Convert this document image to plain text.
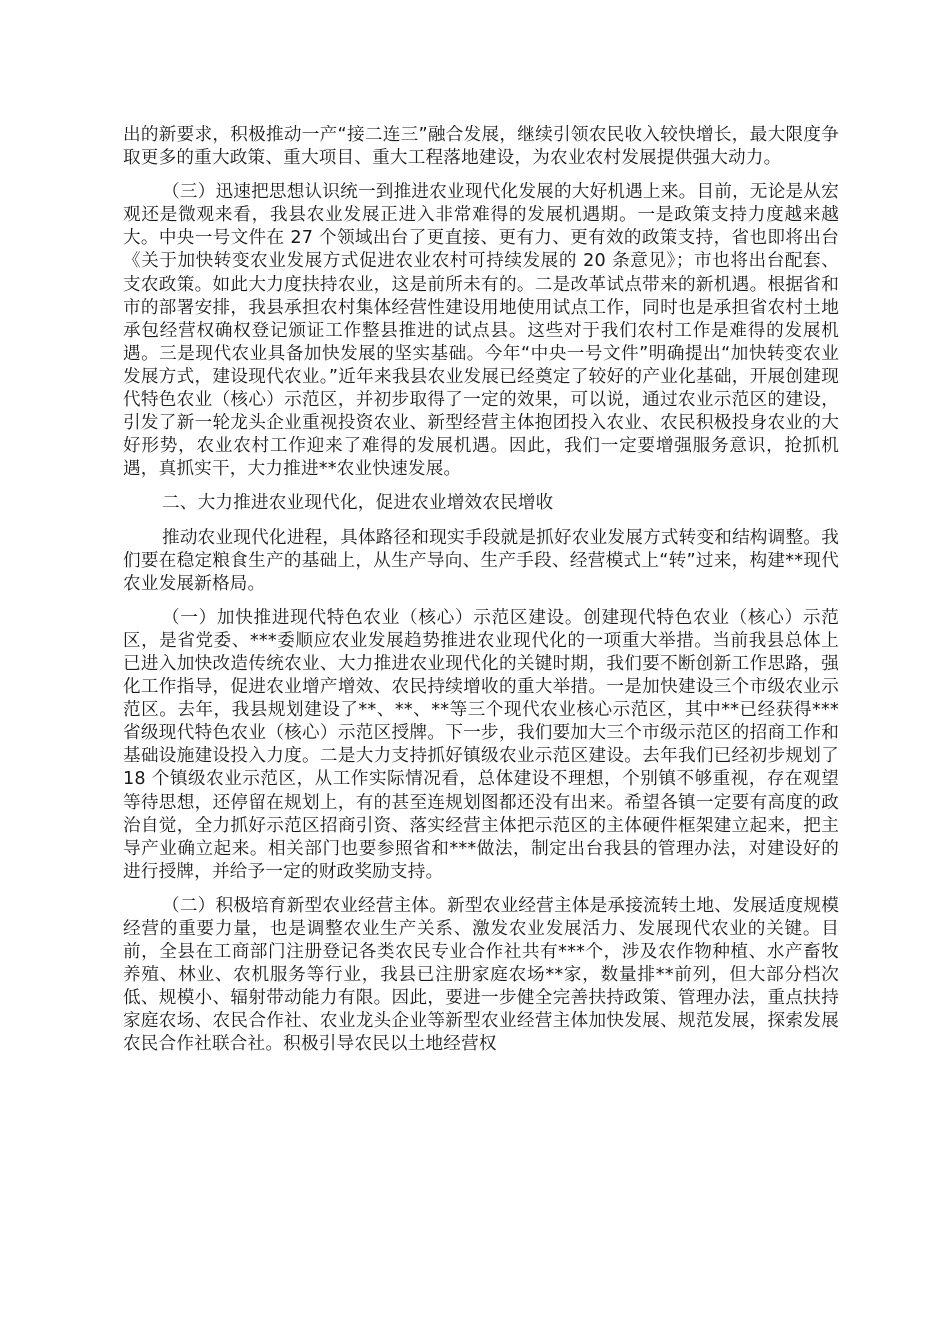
出的新要求，积极推动一产“接二连三”融合发展，继续引领农民收入较快增长，最大限度争取更多的重大政策、重大项目、重大工程落地建设，为农业农村发展提供强大动力。

（三）迅速把思想认识统一到推进农业现代化发展的大好机遇上来。目前，无论是从宏观还是微观来看，我县农业发展正进入非常难得的发展机遇期。一是政策支持力度越来越大。中央一号文件在 27 个领域出台了更直接、更有力、更有效的政策支持，省也即将出台《关于加快转变农业发展方式促进农业农村可持续发展的 20 条意见》；市也将出台配套、支农政策。如此大力度扶持农业，这是前所未有的。二是改革试点带来的新机遇。根据省和市的部署安排，我县承担农村集体经营性建设用地使用试点工作，同时也是承担省农村土地承包经营权确权登记颁证工作整县推进的试点县。这些对于我们农村工作是难得的发展机遇。三是现代农业具备加快发展的坚实基础。今年“中央一号文件”明确提出“加快转变农业发展方式，建设现代农业。”近年来我县农业发展已经奠定了较好的产业化基础，开展创建现代特色农业（核心）示范区，并初步取得了一定的效果，可以说，通过农业示范区的建设，引发了新一轮龙头企业重视投资农业、新型经营主体抱团投入农业、农民积极投身农业的大好形势，农业农村工作迎来了难得的发展机遇。因此，我们一定要增强服务意识，抢抓机遇，真抓实干，大力推进**农业快速发展。

二、大力推进农业现代化，促进农业增效农民增收

推动农业现代化进程，具体路径和现实手段就是抓好农业发展方式转变和结构调整。我们要在稳定粮食生产的基础上，从生产导向、生产手段、经营模式上“转”过来，构建**现代农业发展新格局。

（一）加快推进现代特色农业（核心）示范区建设。创建现代特色农业（核心）示范区，是省党委、***委顺应农业发展趋势推进农业现代化的一项重大举措。当前我县总体上已进入加快改造传统农业、大力推进农业现代化的关键时期，我们要不断创新工作思路，强化工作指导，促进农业增产增效、农民持续增收的重大举措。一是加快建设三个市级农业示范区。去年，我县规划建设了**、**、**等三个现代农业核心示范区，其中**已经获得***省级现代特色农业（核心）示范区授牌。下一步，我们要加大三个市级示范区的招商工作和基础设施建设投入力度。二是大力支持抓好镇级农业示范区建设。去年我们已经初步规划了 18 个镇级农业示范区，从工作实际情况看，总体建设不理想，个别镇不够重视，存在观望等待思想，还停留在规划上，有的甚至连规划图都还没有出来。希望各镇一定要有高度的政治自觉，全力抓好示范区招商引资、落实经营主体把示范区的主体硬件框架建立起来，把主导产业确立起来。相关部门也要参照省和***做法，制定出台我县的管理办法，对建设好的进行授牌，并给予一定的财政奖励支持。

（二）积极培育新型农业经营主体。新型农业经营主体是承接流转土地、发展适度规模经营的重要力量，也是调整农业生产关系、激发农业发展活力、发展现代农业的关键。目前，全县在工商部门注册登记各类农民专业合作社共有***个，涉及农作物种植、水产畜牧养殖、林业、农机服务等行业，我县已注册家庭农场**家，数量排**前列，但大部分档次低、规模小、辐射带动能力有限。因此，要进一步健全完善扶持政策、管理办法，重点扶持家庭农场、农民合作社、农业龙头企业等新型农业经营主体加快发展、规范发展，探索发展农民合作社联合社。积极引导农民以土地经营权
